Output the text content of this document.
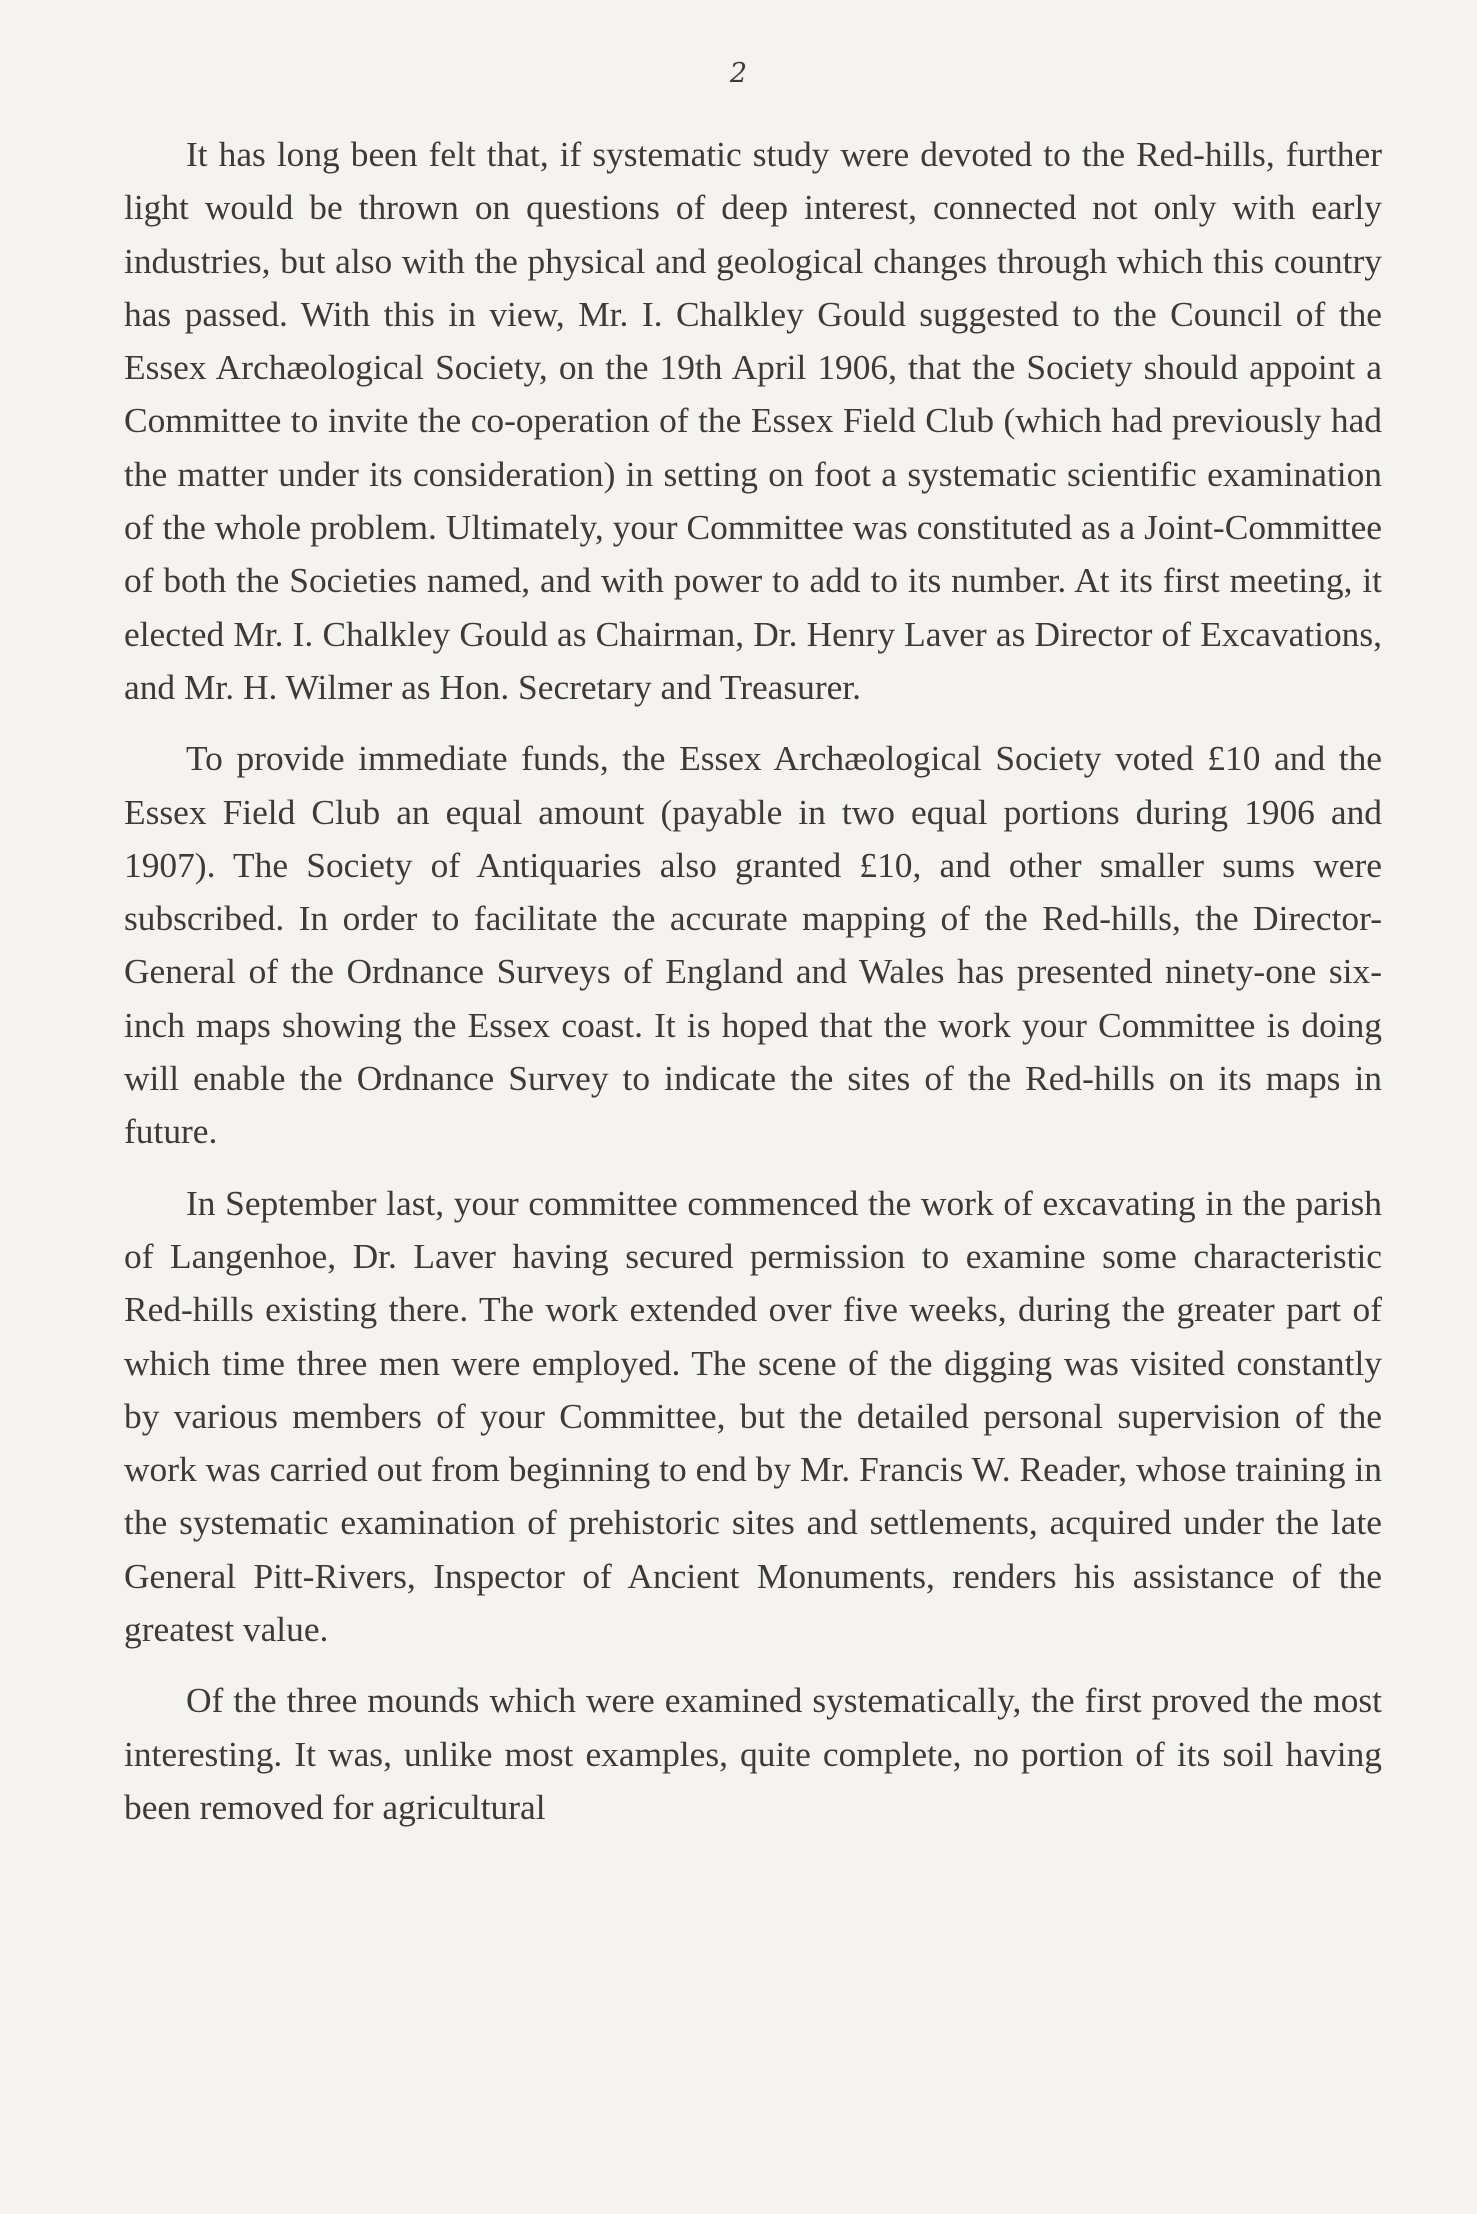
2

It has long been felt that, if systematic study were devoted to the Red-hills, further light would be thrown on questions of deep interest, connected not only with early industries, but also with the physical and geological changes through which this country has passed. With this in view, Mr. I. Chalkley Gould suggested to the Council of the Essex Archæological Society, on the 19th April 1906, that the Society should appoint a Committee to invite the co-operation of the Essex Field Club (which had previously had the matter under its consideration) in setting on foot a systematic scientific examination of the whole problem. Ultimately, your Committee was constituted as a Joint-Committee of both the Societies named, and with power to add to its number. At its first meeting, it elected Mr. I. Chalkley Gould as Chairman, Dr. Henry Laver as Director of Excavations, and Mr. H. Wilmer as Hon. Secretary and Treasurer.

To provide immediate funds, the Essex Archæological Society voted £10 and the Essex Field Club an equal amount (payable in two equal portions during 1906 and 1907). The Society of Antiquaries also granted £10, and other smaller sums were subscribed. In order to facilitate the accurate mapping of the Red-hills, the Director-General of the Ordnance Surveys of England and Wales has presented ninety-one six-inch maps showing the Essex coast. It is hoped that the work your Committee is doing will enable the Ordnance Survey to indicate the sites of the Red-hills on its maps in future.

In September last, your committee commenced the work of excavating in the parish of Langenhoe, Dr. Laver having secured permission to examine some characteristic Red-hills existing there. The work extended over five weeks, during the greater part of which time three men were employed. The scene of the digging was visited constantly by various members of your Committee, but the detailed personal supervision of the work was carried out from beginning to end by Mr. Francis W. Reader, whose training in the systematic examination of prehistoric sites and settlements, acquired under the late General Pitt-Rivers, Inspector of Ancient Monuments, renders his assistance of the greatest value.

Of the three mounds which were examined systematically, the first proved the most interesting. It was, unlike most examples, quite complete, no portion of its soil having been removed for agricultural
